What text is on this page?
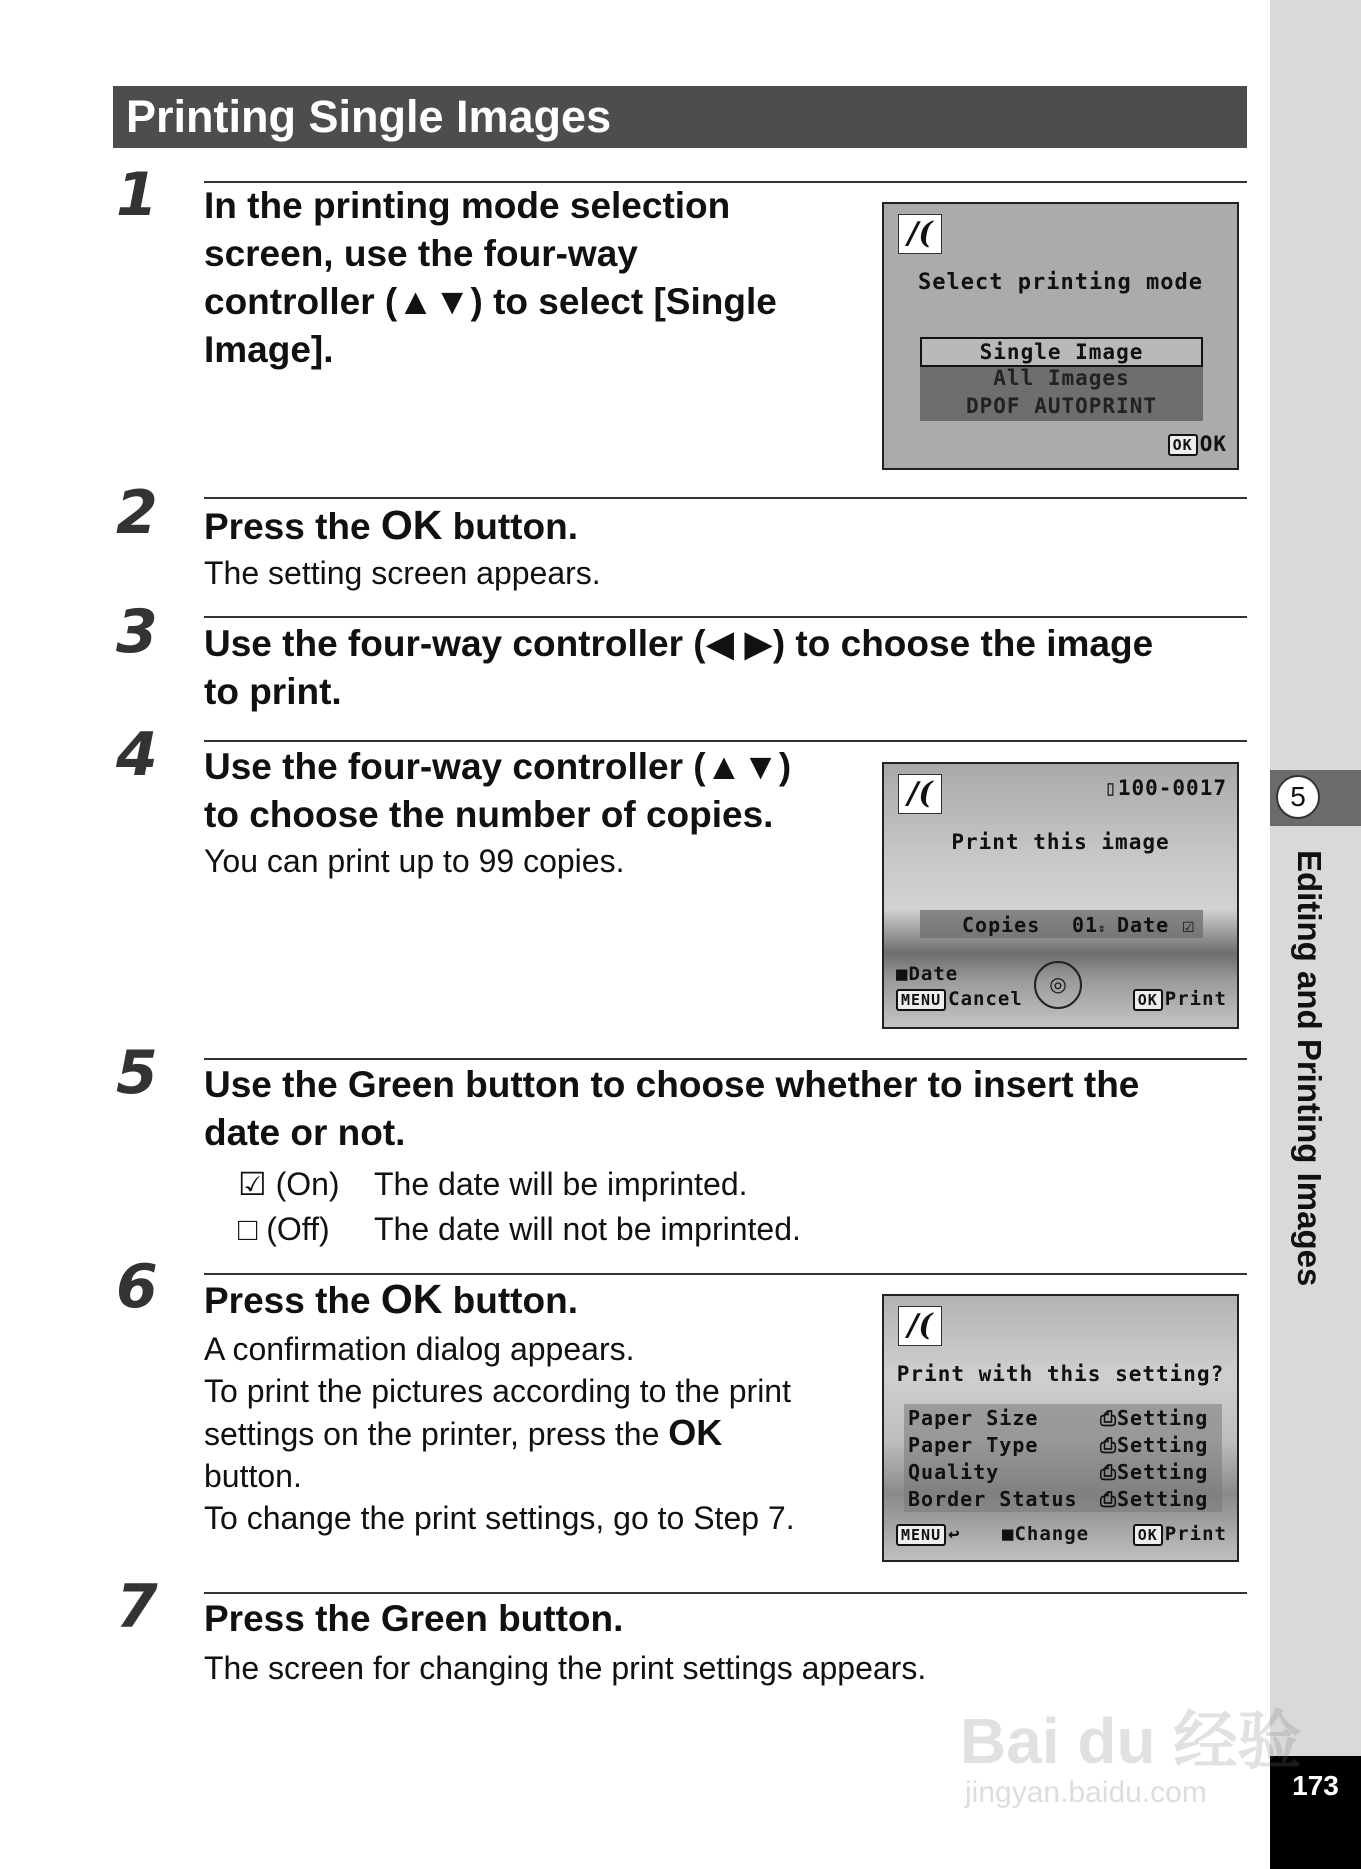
5
Editing and Printing Images
173
Printing Single Images
1 In the printing mode selection
screen, use the four-way
controller (▲▼) to select [Single
Image].
/(
Select printing mode
Single Image
All Images
DPOF AUTOPRINT
OK OK
2 Press the OK button.
The setting screen appears.
3 Use the four-way controller (◀ ▶) to choose the image
to print.
4 Use the four-way controller (▲▼)
to choose the number of copies.
You can print up to 99 copies.
/(	▯100-0017
Print this image
Copies 01⇕ Date ☑
■Date
MENU Cancel
◎
OK Print
5 Use the Green button to choose whether to insert the
date or not.
☑ (On) The date will be imprinted.
□ (Off) The date will not be imprinted.
6 Press the OK button.
A confirmation dialog appears.
To print the pictures according to the print
settings on the printer, press the OK
button.
To change the print settings, go to Step 7.
/(
Print with this setting?
Paper Size	⎙Setting
Paper Type	⎙Setting
Quality	⎙Setting
Border Status ⎙Setting
MENU ↩ ■Change	OK Print
7 Press the Green button.
The screen for changing the print settings appears.
Bai du 经验
jingyan.baidu.com
